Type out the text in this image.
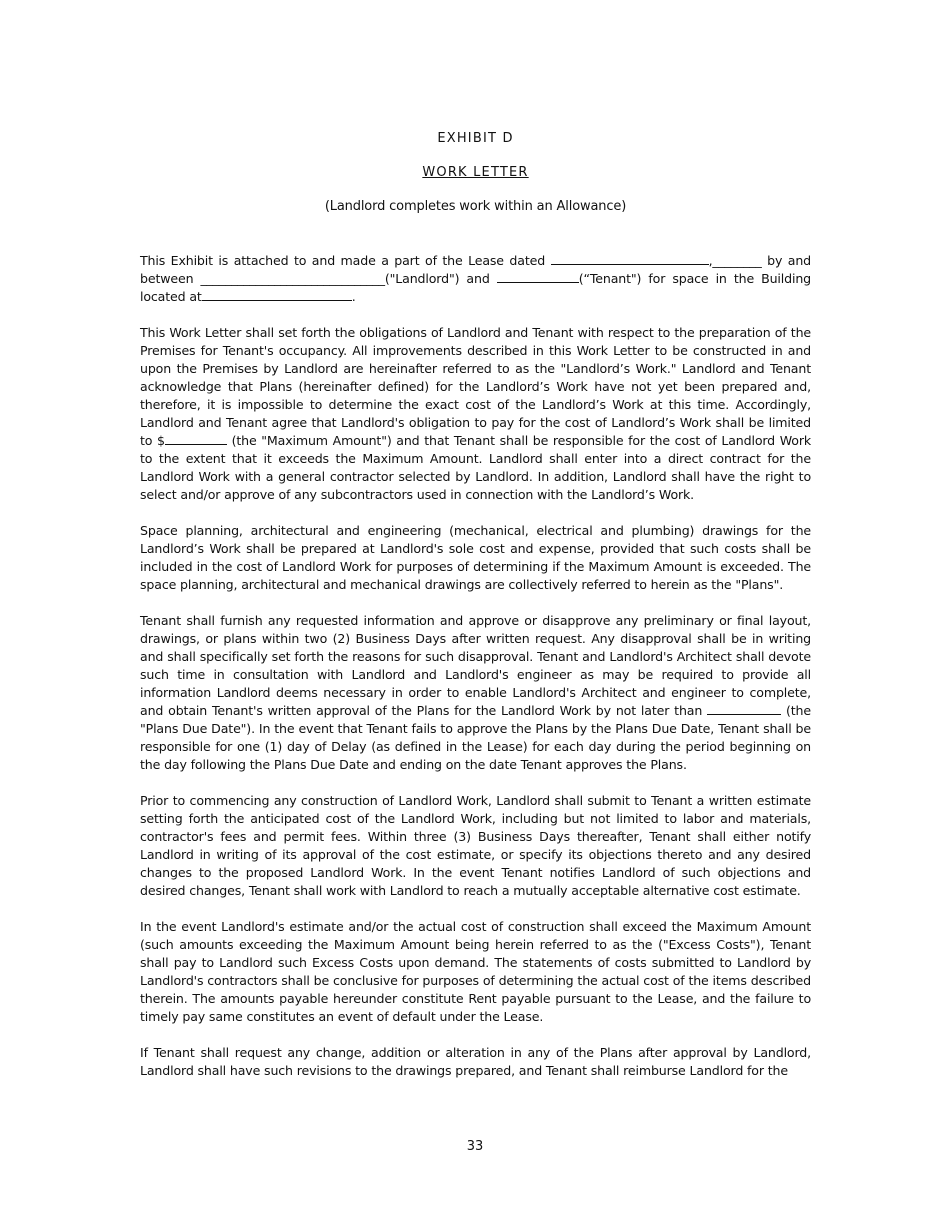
EXHIBIT D
WORK LETTER
(Landlord completes work within an Allowance)

This Exhibit is attached to and made a part of the Lease dated	,________ by and between ______________________________("Landlord") and	(“Tenant") for space in the Building located at	.

This Work Letter shall set forth the obligations of Landlord and Tenant with respect to the preparation of the Premises for Tenant's occupancy. All improvements described in this Work Letter to be constructed in and upon the Premises by Landlord are hereinafter referred to as the "Landlord’s Work." Landlord and Tenant acknowledge that Plans (hereinafter defined) for the Landlord’s Work have not yet been prepared and, therefore, it is impossible to determine the exact cost of the Landlord’s Work at this time. Accordingly, Landlord and Tenant agree that Landlord's obligation to pay for the cost of Landlord’s Work shall be limited to $	(the "Maximum Amount") and that Tenant shall be responsible for the cost of Landlord Work to the extent that it exceeds the Maximum Amount. Landlord shall enter into a direct contract for the Landlord Work with a general contractor selected by Landlord. In addition, Landlord shall have the right to select and/or approve of any subcontractors used in connection with the Landlord’s Work.

Space planning, architectural and engineering (mechanical, electrical and plumbing) drawings for the Landlord’s Work shall be prepared at Landlord's sole cost and expense, provided that such costs shall be included in the cost of Landlord Work for purposes of determining if the Maximum Amount is exceeded. The space planning, architectural and mechanical drawings are collectively referred to herein as the "Plans".

Tenant shall furnish any requested information and approve or disapprove any preliminary or final layout, drawings, or plans within two (2) Business Days after written request. Any disapproval shall be in writing and shall specifically set forth the reasons for such disapproval. Tenant and Landlord's Architect shall devote such time in consultation with Landlord and Landlord's engineer as may be required to provide all information Landlord deems necessary in order to enable Landlord's Architect and engineer to complete, and obtain Tenant's written approval of the Plans for the Landlord Work by not later than	(the "Plans Due Date"). In the event that Tenant fails to approve the Plans by the Plans Due Date, Tenant shall be responsible for one (1) day of Delay (as defined in the Lease) for each day during the period beginning on the day following the Plans Due Date and ending on the date Tenant approves the Plans.

Prior to commencing any construction of Landlord Work, Landlord shall submit to Tenant a written estimate setting forth the anticipated cost of the Landlord Work, including but not limited to labor and materials, contractor's fees and permit fees. Within three (3) Business Days thereafter, Tenant shall either notify Landlord in writing of its approval of the cost estimate, or specify its objections thereto and any desired changes to the proposed Landlord Work. In the event Tenant notifies Landlord of such objections and desired changes, Tenant shall work with Landlord to reach a mutually acceptable alternative cost estimate.

In the event Landlord's estimate and/or the actual cost of construction shall exceed the Maximum Amount (such amounts exceeding the Maximum Amount being herein referred to as the ("Excess Costs"), Tenant shall pay to Landlord such Excess Costs upon demand. The statements of costs submitted to Landlord by Landlord's contractors shall be conclusive for purposes of determining the actual cost of the items described therein. The amounts payable hereunder constitute Rent payable pursuant to the Lease, and the failure to timely pay same constitutes an event of default under the Lease.

If Tenant shall request any change, addition or alteration in any of the Plans after approval by Landlord, Landlord shall have such revisions to the drawings prepared, and Tenant shall reimburse Landlord for the

33
